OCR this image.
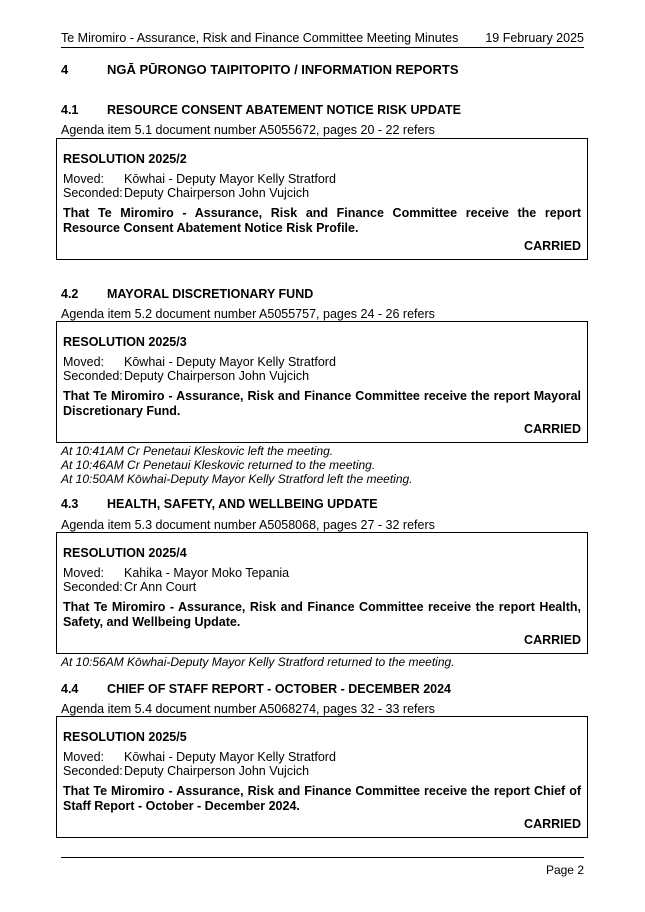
Te Miromiro - Assurance, Risk and Finance Committee Meeting Minutes 19 February 2025
4	NGĀ PŪRONGO TAIPITOPITO / INFORMATION REPORTS
4.1 RESOURCE CONSENT ABATEMENT NOTICE RISK UPDATE
Agenda item 5.1 document number A5055672, pages 20 - 22 refers
RESOLUTION 2025/2
Moved: Kōwhai - Deputy Mayor Kelly Stratford
Seconded:Deputy Chairperson John Vujcich
That Te Miromiro - Assurance, Risk and Finance Committee receive the report Resource Consent Abatement Notice Risk Profile.
CARRIED
4.2 MAYORAL DISCRETIONARY FUND
Agenda item 5.2 document number A5055757, pages 24 - 26 refers
RESOLUTION 2025/3
Moved: Kōwhai - Deputy Mayor Kelly Stratford
Seconded:Deputy Chairperson John Vujcich
That Te Miromiro - Assurance, Risk and Finance Committee receive the report Mayoral Discretionary Fund.
CARRIED
At 10:41AM Cr Penetaui Kleskovic left the meeting.
At 10:46AM Cr Penetaui Kleskovic returned to the meeting.
At 10:50AM Kōwhai-Deputy Mayor Kelly Stratford left the meeting.
4.3 HEALTH, SAFETY, AND WELLBEING UPDATE
Agenda item 5.3 document number A5058068, pages 27 - 32 refers
RESOLUTION 2025/4
Moved: Kahika - Mayor Moko Tepania
Seconded:Cr Ann Court
That Te Miromiro - Assurance, Risk and Finance Committee receive the report Health, Safety, and Wellbeing Update.
CARRIED
At 10:56AM Kōwhai-Deputy Mayor Kelly Stratford returned to the meeting.
4.4 CHIEF OF STAFF REPORT - OCTOBER - DECEMBER 2024
Agenda item 5.4 document number A5068274, pages 32 - 33 refers
RESOLUTION 2025/5
Moved: Kōwhai - Deputy Mayor Kelly Stratford
Seconded:Deputy Chairperson John Vujcich
That Te Miromiro - Assurance, Risk and Finance Committee receive the report Chief of Staff Report - October - December 2024.
CARRIED
Page 2
